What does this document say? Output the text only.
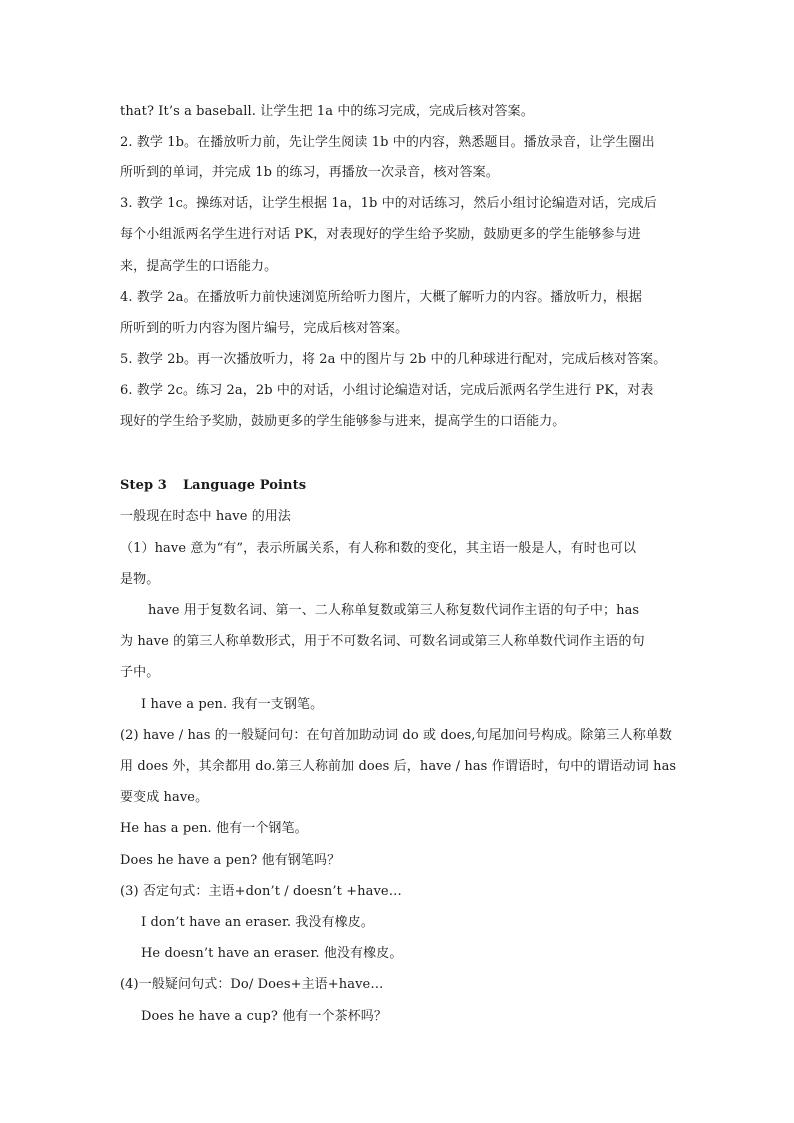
that? It’s a baseball. 让学生把 1a 中的练习完成，完成后核对答案。
2. 教学 1b。在播放听力前，先让学生阅读 1b 中的内容，熟悉题目。播放录音，让学生圈出
所听到的单词，并完成 1b 的练习，再播放一次录音，核对答案。
3. 教学 1c。操练对话，让学生根据 1a，1b 中的对话练习，然后小组讨论编造对话，完成后
每个小组派两名学生进行对话 PK，对表现好的学生给予奖励，鼓励更多的学生能够参与进
来，提高学生的口语能力。
4. 教学 2a。在播放听力前快速浏览所给听力图片，大概了解听力的内容。播放听力，根据
所听到的听力内容为图片编号，完成后核对答案。
5. 教学 2b。再一次播放听力，将 2a 中的图片与 2b 中的几种球进行配对，完成后核对答案。
6. 教学 2c。练习 2a，2b 中的对话，小组讨论编造对话，完成后派两名学生进行 PK，对表
现好的学生给予奖励，鼓励更多的学生能够参与进来，提高学生的口语能力。
Step 3 Language Points
一般现在时态中 have 的用法
（1）have 意为“有”，表示所属关系，有人称和数的变化，其主语一般是人，有时也可以
是物。
have 用于复数名词、第一、二人称单复数或第三人称复数代词作主语的句子中；has
为 have 的第三人称单数形式，用于不可数名词、可数名词或第三人称单数代词作主语的句
子中。
I have a pen. 我有一支钢笔。
(2) have / has 的一般疑问句：在句首加助动词 do 或 does,句尾加问号构成。除第三人称单数
用 does 外，其余都用 do.第三人称前加 does 后，have / has 作谓语时，句中的谓语动词 has
要变成 have。
He has a pen. 他有一个钢笔。
Does he have a pen? 他有钢笔吗？
(3) 否定句式：主语+don’t / doesn’t +have…
I don’t have an eraser. 我没有橡皮。
He doesn’t have an eraser. 他没有橡皮。
(4)一般疑问句式：Do/ Does+主语+have…
Does he have a cup? 他有一个茶杯吗？
